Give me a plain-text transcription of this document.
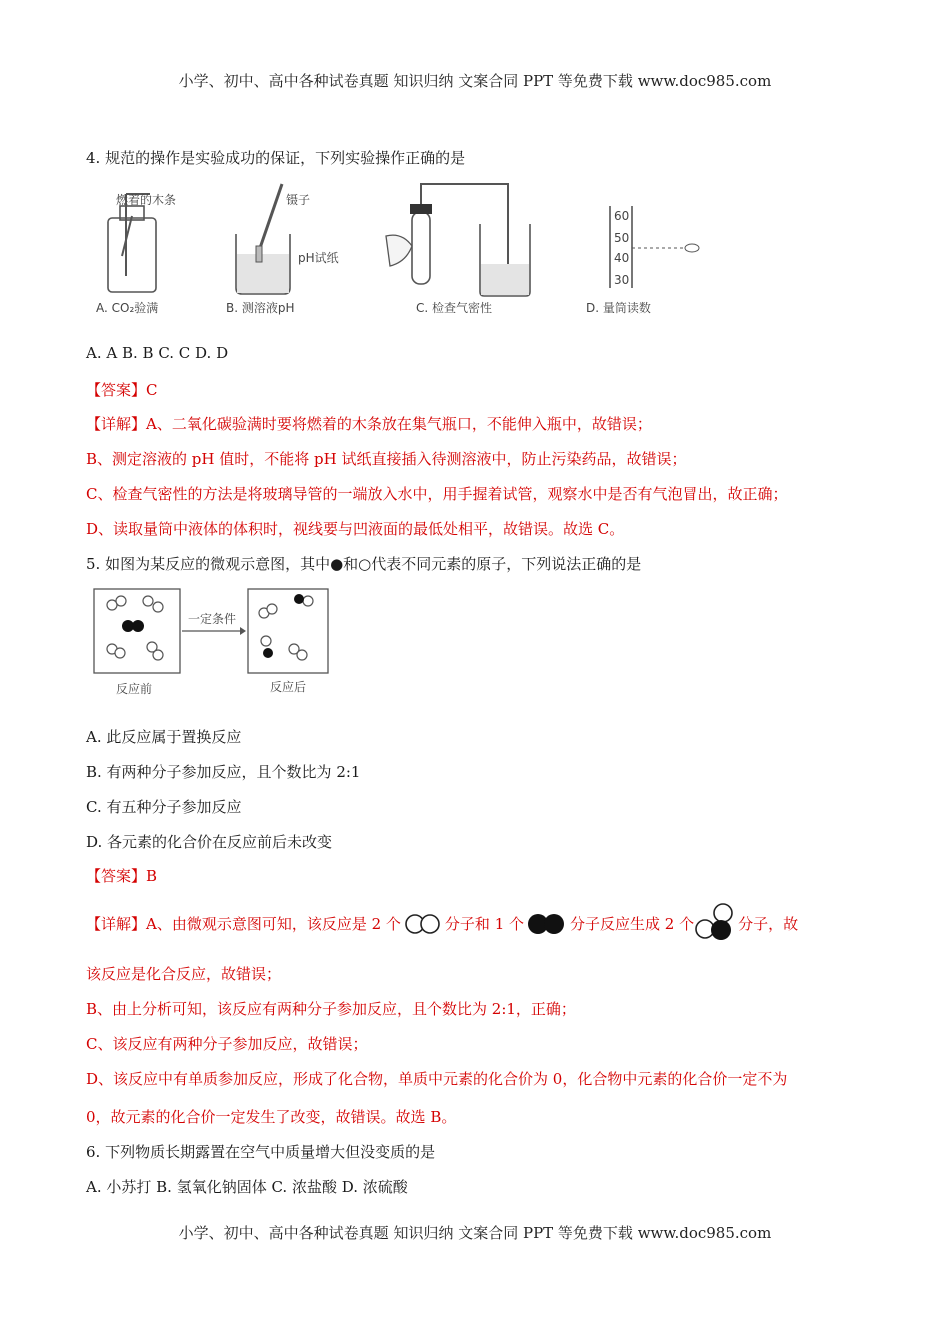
小学、初中、高中各种试卷真题 知识归纳 文案合同 PPT 等免费下载 www.doc985.com
4. 规范的操作是实验成功的保证，下列实验操作正确的是
燃着的木条
A. CO₂验满
镊子
pH试纸
B. 测溶液pH	C. 检查气密性
60
50
40
30
D. 量筒读数
A. A B. B C. C D. D
【答案】C
【详解】A、二氧化碳验满时要将燃着的木条放在集气瓶口，不能伸入瓶中，故错误；
B、测定溶液的 pH 值时，不能将 pH 试纸直接插入待测溶液中，防止污染药品，故错误；
C、检查气密性的方法是将玻璃导管的一端放入水中，用手握着试管，观察水中是否有气泡冒出，故正确；
D、读取量筒中液体的体积时，视线要与凹液面的最低处相平，故错误。故选 C。
5. 如图为某反应的微观示意图，其中●和○代表不同元素的原子，下列说法正确的是
一定条件
反应前	反应后
A. 此反应属于置换反应
B. 有两种分子参加反应，且个数比为 2:1
C. 有五种分子参加反应
D. 各元素的化合价在反应前后未改变
【答案】B
【详解】A、由微观示意图可知，该反应是 2 个	分子和 1 个	分子反应生成 2 个	分子，故
该反应是化合反应，故错误；
B、由上分析可知，该反应有两种分子参加反应，且个数比为 2:1，正确；
C、该反应有两种分子参加反应，故错误；
D、该反应中有单质参加反应，形成了化合物，单质中元素的化合价为 0，化合物中元素的化合价一定不为
0，故元素的化合价一定发生了改变，故错误。故选 B。
6. 下列物质长期露置在空气中质量增大但没变质的是
A. 小苏打 B. 氢氧化钠固体 C. 浓盐酸 D. 浓硫酸
小学、初中、高中各种试卷真题 知识归纳 文案合同 PPT 等免费下载 www.doc985.com
